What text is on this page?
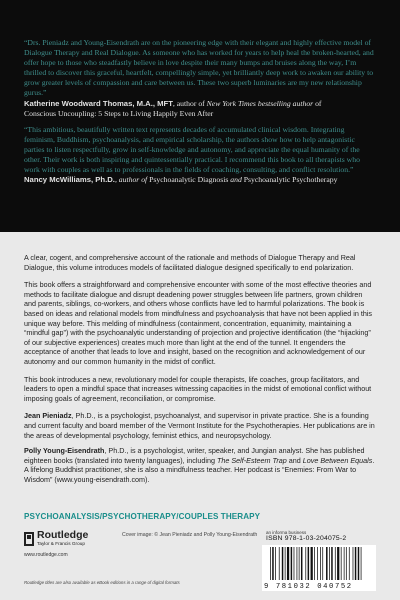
“Drs. Pieniadz and Young-Eisendrath are on the pioneering edge with their elegant and highly effective model of Dialogue Therapy and Real Dialogue. As someone who has worked for years to help heal the broken-hearted, and offer hope to those who steadfastly believe in love despite their many bumps and bruises along the way, I’m thrilled to discover this graceful, heartfelt, compellingly simple, yet brilliantly deep work to awaken our ability to grow greater levels of compassion and care between us. These two superb luminaries are my new relationship gurus.”

Katherine Woodward Thomas, M.A., MFT, author of New York Times bestselling author of
Conscious Uncoupling: 5 Steps to Living Happily Even After

“This ambitious, beautifully written text represents decades of accumulated clinical wisdom. Integrating feminism, Buddhism, psychoanalysis, and empirical scholarship, the authors show how to help antagonistic parties to listen respectfully, grow in self-knowledge and autonomy, and appreciate the equal humanity of the other. Their work is both inspiring and quintessentially practical. I recommend this book to all therapists who work with couples as well as to professionals in the fields of coaching, consulting, and conflict resolution.”

Nancy McWilliams, Ph.D., author of Psychoanalytic Diagnosis and Psychoanalytic Psychotherapy

A clear, cogent, and comprehensive account of the rationale and methods of Dialogue Therapy and Real Dialogue, this volume introduces models of facilitated dialogue designed specifically to end polarization.

This book offers a straightforward and comprehensive encounter with some of the most effective theories and methods to facilitate dialogue and disrupt deadening power struggles between life partners, grown children and parents, siblings, co-workers, and others whose conflicts have led to harmful polarizations. The book is based on ideas and relational models from mindfulness and psychoanalysis that have not been applied in this unique way before. This melding of mindfulness (containment, concentration, equanimity, maintaining a “mindful gap”) with the psychoanalytic understanding of projection and projective identification (the “hijacking” of our subjective experiences) creates much more than light at the end of the tunnel. It engenders the acceptance of another that leads to love and insight, based on the recognition and acknowledgement of our autonomy and our common humanity in the midst of conflict.

This book introduces a new, revolutionary model for couple therapists, life coaches, group facilitators, and leaders to open a mindful space that increases witnessing capacities in the midst of emotional conflict without imposing goals of agreement, reconciliation, or compromise.

Jean Pieniadz, Ph.D., is a psychologist, psychoanalyst, and supervisor in private practice. She is a founding and current faculty and board member of the Vermont Institute for the Psychotherapies. Her publications are in the areas of developmental psychology, feminist ethics, and neuropsychology.

Polly Young-Eisendrath, Ph.D., is a psychologist, writer, speaker, and Jungian analyst. She has published eighteen books (translated into twenty languages), including The Self-Esteem Trap and Love Between Equals. A lifelong Buddhist practitioner, she is also a mindfulness teacher. Her podcast is “Enemies: From War to Wisdom” (www.young-eisendrath.com).

PSYCHOANALYSIS/PSYCHOTHERAPY/COUPLES THERAPY
Routledge
Taylor & Francis Group
www.routledge.com
Cover image: © Jean Pieniadz and Polly Young-Eisendrath an informa business
ISBN 978-1-03-204075-2
9 781032 040752
Routledge titles are also available as eBook editions in a range of digital formats
